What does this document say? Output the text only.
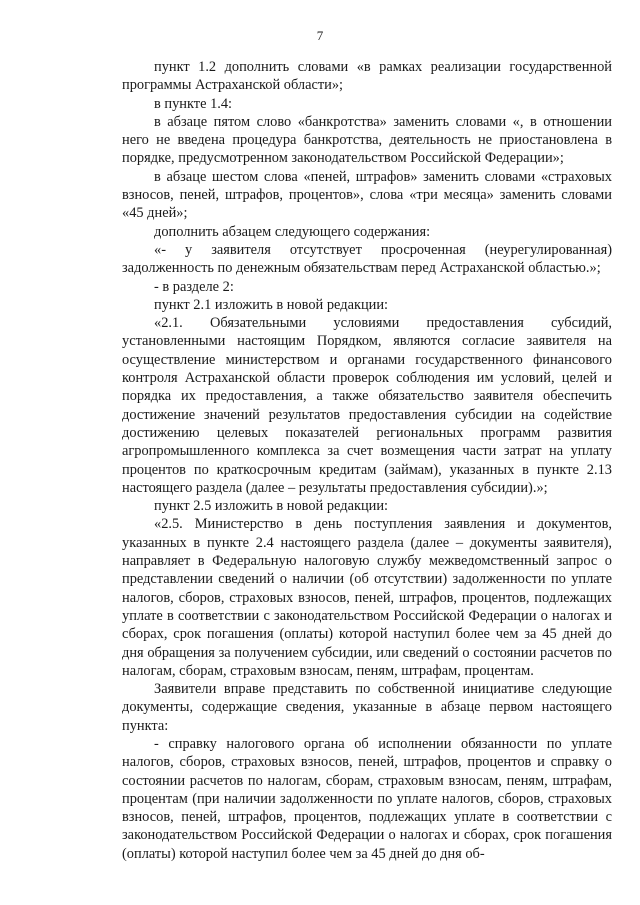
7

пункт 1.2 дополнить словами «в рамках реализации государственной программы Астраханской области»;

в пункте 1.4:

в абзаце пятом слово «банкротства» заменить словами «, в отношении него не введена процедура банкротства, деятельность не приостановлена в порядке, предусмотренном законодательством Российской Федерации»;

в абзаце шестом слова «пеней, штрафов» заменить словами «страховых взносов, пеней, штрафов, процентов», слова «три месяца» заменить словами «45 дней»;

дополнить абзацем следующего содержания:

«- у заявителя отсутствует просроченная (неурегулированная) задолженность по денежным обязательствам перед Астраханской областью.»;

- в разделе 2:

пункт 2.1 изложить в новой редакции:

«2.1. Обязательными условиями предоставления субсидий, установленными настоящим Порядком, являются согласие заявителя на осуществление министерством и органами государственного финансового контроля Астраханской области проверок соблюдения им условий, целей и порядка их предоставления, а также обязательство заявителя обеспечить достижение значений результатов предоставления субсидии на содействие достижению целевых показателей региональных программ развития агропромышленного комплекса за счет возмещения части затрат на уплату процентов по краткосрочным кредитам (займам), указанных в пункте 2.13 настоящего раздела (далее – результаты предоставления субсидии).»;

пункт 2.5 изложить в новой редакции:

«2.5. Министерство в день поступления заявления и документов, указанных в пункте 2.4 настоящего раздела (далее – документы заявителя), направляет в Федеральную налоговую службу межведомственный запрос о представлении сведений о наличии (об отсутствии) задолженности по уплате налогов, сборов, страховых взносов, пеней, штрафов, процентов, подлежащих уплате в соответствии с законодательством Российской Федерации о налогах и сборах, срок погашения (оплаты) которой наступил более чем за 45 дней до дня обращения за получением субсидии, или сведений о состоянии расчетов по налогам, сборам, страховым взносам, пеням, штрафам, процентам.

Заявители вправе представить по собственной инициативе следующие документы, содержащие сведения, указанные в абзаце первом настоящего пункта:

- справку налогового органа об исполнении обязанности по уплате налогов, сборов, страховых взносов, пеней, штрафов, процентов и справку о состоянии расчетов по налогам, сборам, страховым взносам, пеням, штрафам, процентам (при наличии задолженности по уплате налогов, сборов, страховых взносов, пеней, штрафов, процентов, подлежащих уплате в соответствии с законодательством Российской Федерации о налогах и сборах, срок погашения (оплаты) которой наступил более чем за 45 дней до дня об-
